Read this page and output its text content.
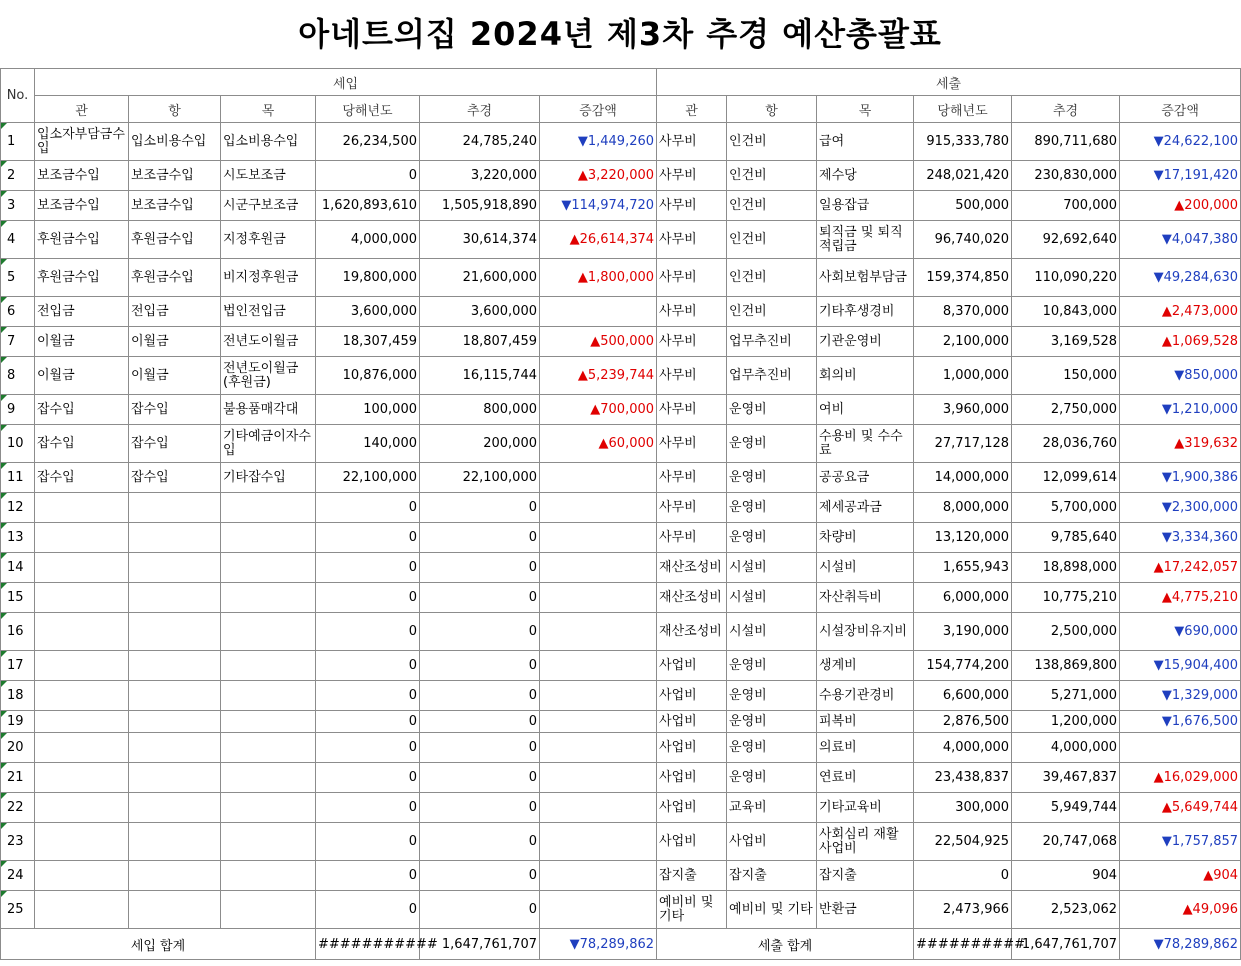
아네트의집 2024년 제3차 추경 예산총괄표
No.	세입						세출					
	관	항	목	당해년도	추경	증감액	관	항	목	당해년도	추경	증감액
1	입소자부담금수입	입소비용수입	입소비용수입	26,234,500	24,785,240	▼1,449,260	사무비	인건비	급여	915,333,780	890,711,680	▼24,622,100
2	보조금수입	보조금수입	시도보조금	0	3,220,000	▲3,220,000	사무비	인건비	제수당	248,021,420	230,830,000	▼17,191,420
3	보조금수입	보조금수입	시군구보조금	1,620,893,610	1,505,918,890	▼114,974,720	사무비	인건비	일용잡급	500,000	700,000	▲200,000
4	후원금수입	후원금수입	지정후원금	4,000,000	30,614,374	▲26,614,374	사무비	인건비	퇴직금 및 퇴직적립금	96,740,020	92,692,640	▼4,047,380
5	후원금수입	후원금수입	비지정후원금	19,800,000	21,600,000	▲1,800,000	사무비	인건비	사회보험부담금	159,374,850	110,090,220	▼49,284,630
6	전입금	전입금	법인전입금	3,600,000	3,600,000		사무비	인건비	기타후생경비	8,370,000	10,843,000	▲2,473,000
7	이월금	이월금	전년도이월금	18,307,459	18,807,459	▲500,000	사무비	업무추진비	기관운영비	2,100,000	3,169,528	▲1,069,528
8	이월금	이월금	전년도이월금(후원금)	10,876,000	16,115,744	▲5,239,744	사무비	업무추진비	회의비	1,000,000	150,000	▼850,000
9	잡수입	잡수입	불용품매각대	100,000	800,000	▲700,000	사무비	운영비	여비	3,960,000	2,750,000	▼1,210,000
10	잡수입	잡수입	기타예금이자수입	140,000	200,000	▲60,000	사무비	운영비	수용비 및 수수료	27,717,128	28,036,760	▲319,632
11	잡수입	잡수입	기타잡수입	22,100,000	22,100,000		사무비	운영비	공공요금	14,000,000	12,099,614	▼1,900,386
12				0	0		사무비	운영비	제세공과금	8,000,000	5,700,000	▼2,300,000
13				0	0		사무비	운영비	차량비	13,120,000	9,785,640	▼3,334,360
14				0	0		재산조성비	시설비	시설비	1,655,943	18,898,000	▲17,242,057
15				0	0		재산조성비	시설비	자산취득비	6,000,000	10,775,210	▲4,775,210
16				0	0		재산조성비	시설비	시설장비유지비	3,190,000	2,500,000	▼690,000
17				0	0		사업비	운영비	생계비	154,774,200	138,869,800	▼15,904,400
18				0	0		사업비	운영비	수용기관경비	6,600,000	5,271,000	▼1,329,000
19				0	0		사업비	운영비	피복비	2,876,500	1,200,000	▼1,676,500
20				0	0		사업비	운영비	의료비	4,000,000	4,000,000	
21				0	0		사업비	운영비	연료비	23,438,837	39,467,837	▲16,029,000
22				0	0		사업비	교육비	기타교육비	300,000	5,949,744	▲5,649,744
23				0	0		사업비	사업비	사회심리 재활사업비	22,504,925	20,747,068	▼1,757,857
24				0	0		잡지출	잡지출	잡지출	0	904	▲904
25				0	0		예비비 및 기타	예비비 및 기타	반환금	2,473,966	2,523,062	▲49,096
세입 합계				###########	1,647,761,707	▼78,289,862	세출 합계			##########	1,647,761,707	▼78,289,862
